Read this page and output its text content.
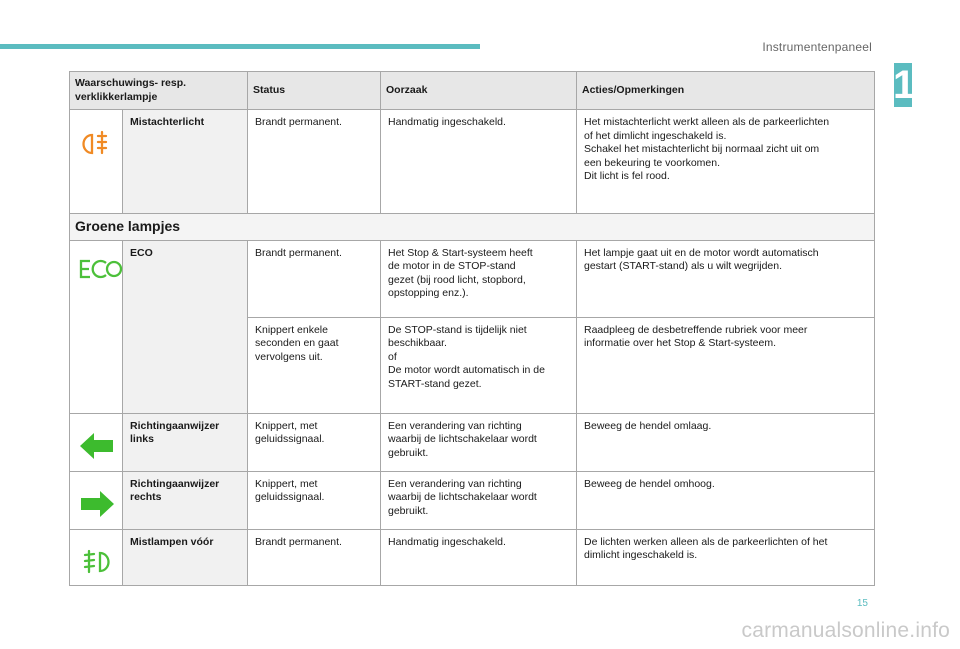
Instrumentenpaneel
1
Waarschuwings- resp.
verklikkerlampje		Status	Oorzaak	Acties/Opmerkingen

	Mistachterlicht	Brandt permanent.	Handmatig ingeschakeld.	Het mistachterlicht werkt alleen als de parkeerlichten
of het dimlicht ingeschakeld is.
Schakel het mistachterlicht bij normaal zicht uit om
een bekeuring te voorkomen.
Dit licht is fel rood.
Groene lampjes				

	ECO	Brandt permanent.	Het Stop & Start-systeem heeft
de motor in de STOP-stand
gezet (bij rood licht, stopbord,
opstopping enz.).	Het lampje gaat uit en de motor wordt automatisch
gestart (START-stand) als u wilt wegrijden.
		Knippert enkele
seconden en gaat
vervolgens uit.	De STOP-stand is tijdelijk niet
beschikbaar.
of
De motor wordt automatisch in de
START-stand gezet.	Raadpleeg de desbetreffende rubriek voor meer
informatie over het Stop & Start-systeem.

	Richtingaanwijzer
links	Knippert, met
geluidssignaal.	Een verandering van richting
waarbij de lichtschakelaar wordt
gebruikt.	Beweeg de hendel omlaag.

	Richtingaanwijzer
rechts	Knippert, met
geluidssignaal.	Een verandering van richting
waarbij de lichtschakelaar wordt
gebruikt.	Beweeg de hendel omhoog.

	Mistlampen vóór	Brandt permanent.	Handmatig ingeschakeld.	De lichten werken alleen als de parkeerlichten of het
dimlicht ingeschakeld is.
15
carmanualsonline.info
